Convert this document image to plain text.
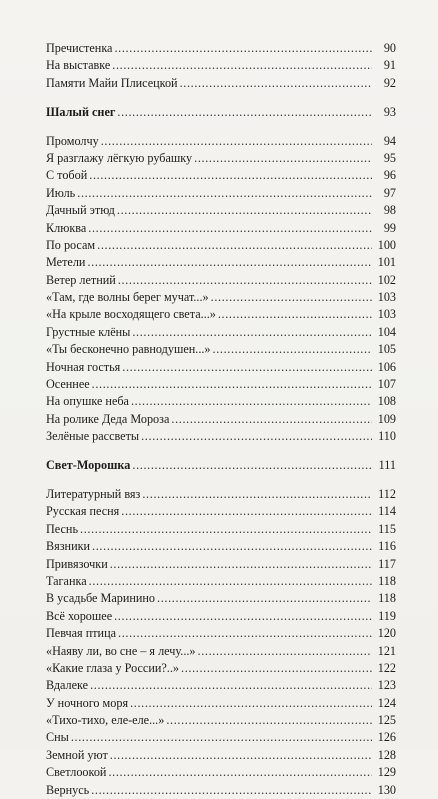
Пречистенка . . .	90
На выставке . . .	91
Памяти Майи Плисецкой . . .	92
Шалый снег . . .	93
Промолчу . . .	94
Я разглажу лёгкую рубашку . . .	95
С тобой . . .	96
Июль . . .	97
Дачный этюд . . .	98
Клюква . . .	99
По росам . . .	100
Метели . . .	101
Ветер летний . . .	102
«Там, где волны берег мучат...» . . .	103
«На крыле восходящего света...» . . .	103
Грустные клёны . . .	104
«Ты бесконечно равнодушен...» . . .	105
Ночная гостья . . .	106
Осеннее . . .	107
На опушке неба . . .	108
На ролике Деда Мороза . . .	109
Зелёные рассветы . . .	110
Свет-Морошка . . .	111
Литературный вяз . . .	112
Русская песня . . .	114
Песнь . . .	115
Вязники . . .	116
Привязочки . . .	117
Таганка . . .	118
В усадьбе Маринино . . .	118
Всё хорошее . . .	119
Певчая птица . . .	120
«Наяву ли, во сне – я лечу...» . . .	121
«Какие глаза у России?..» . . .	122
Вдалеке . . .	123
У ночного моря . . .	124
«Тихо-тихо, еле-еле...» . . .	125
Сны . . .	126
Земной уют . . .	128
Светлоокой . . .	129
Вернусь . . .	130
